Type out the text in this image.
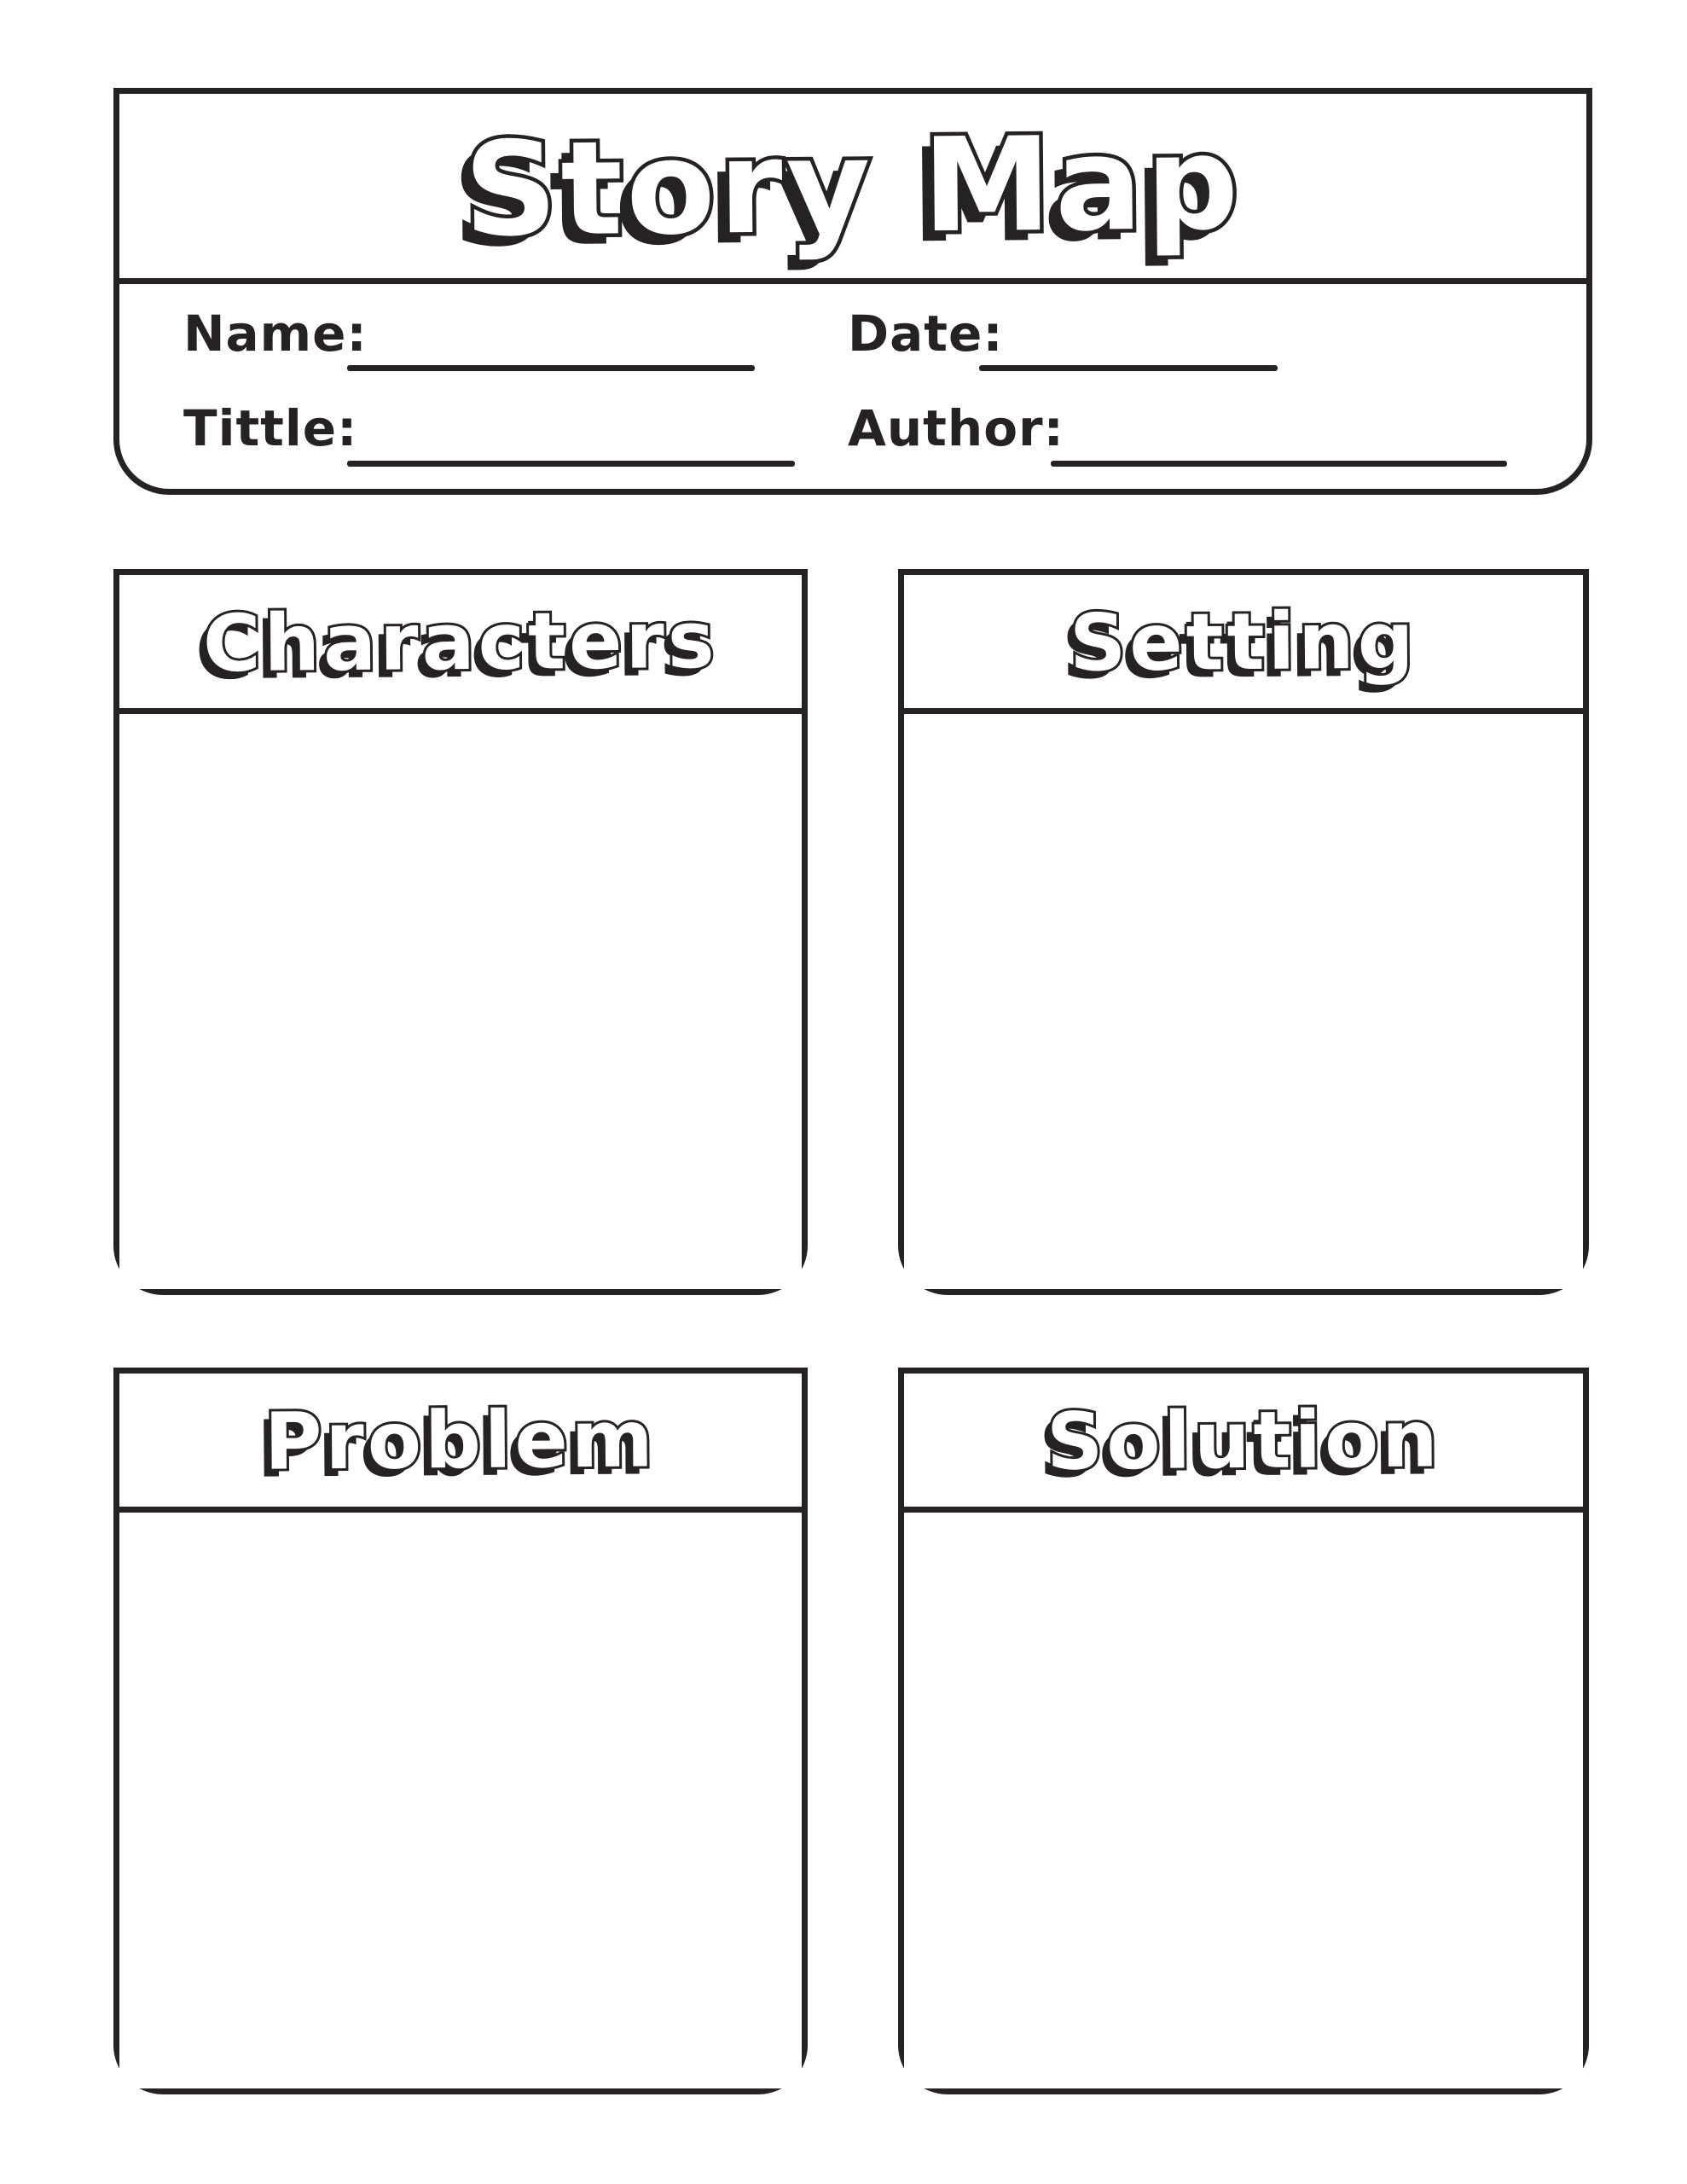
Story Map
Name:	Date:
Tittle:	Author:
Characters	Setting
Problem	Solution
